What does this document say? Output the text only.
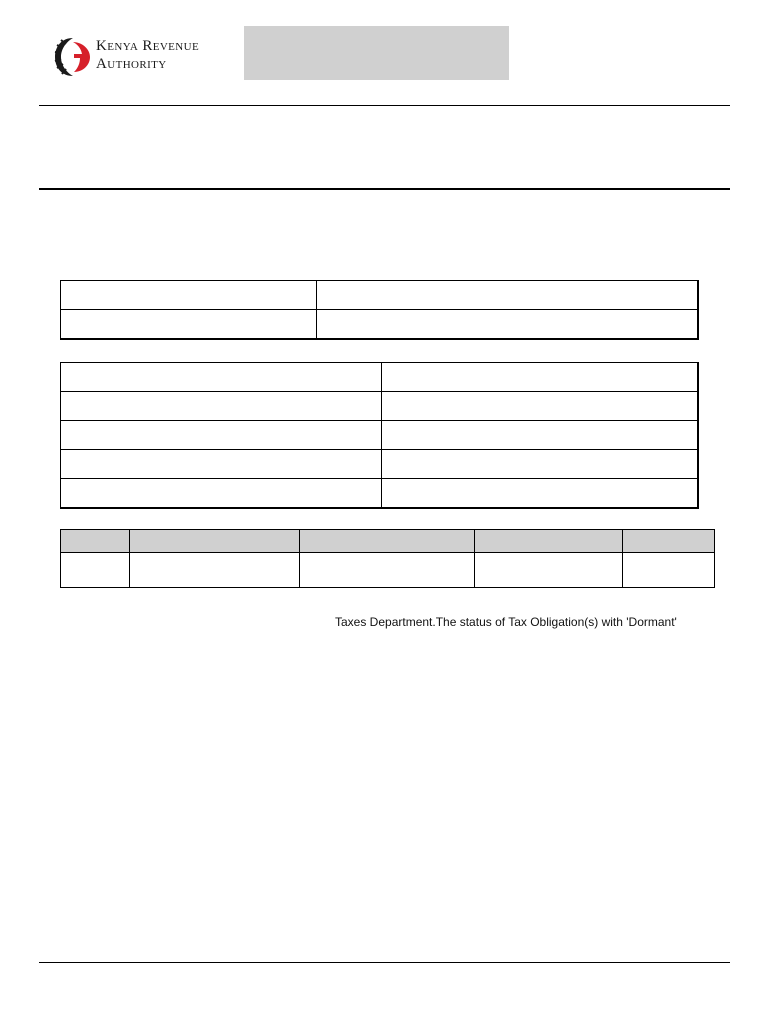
Kenya Revenue
Authority

Taxes Department.The status of Tax Obligation(s) with 'Dormant'
